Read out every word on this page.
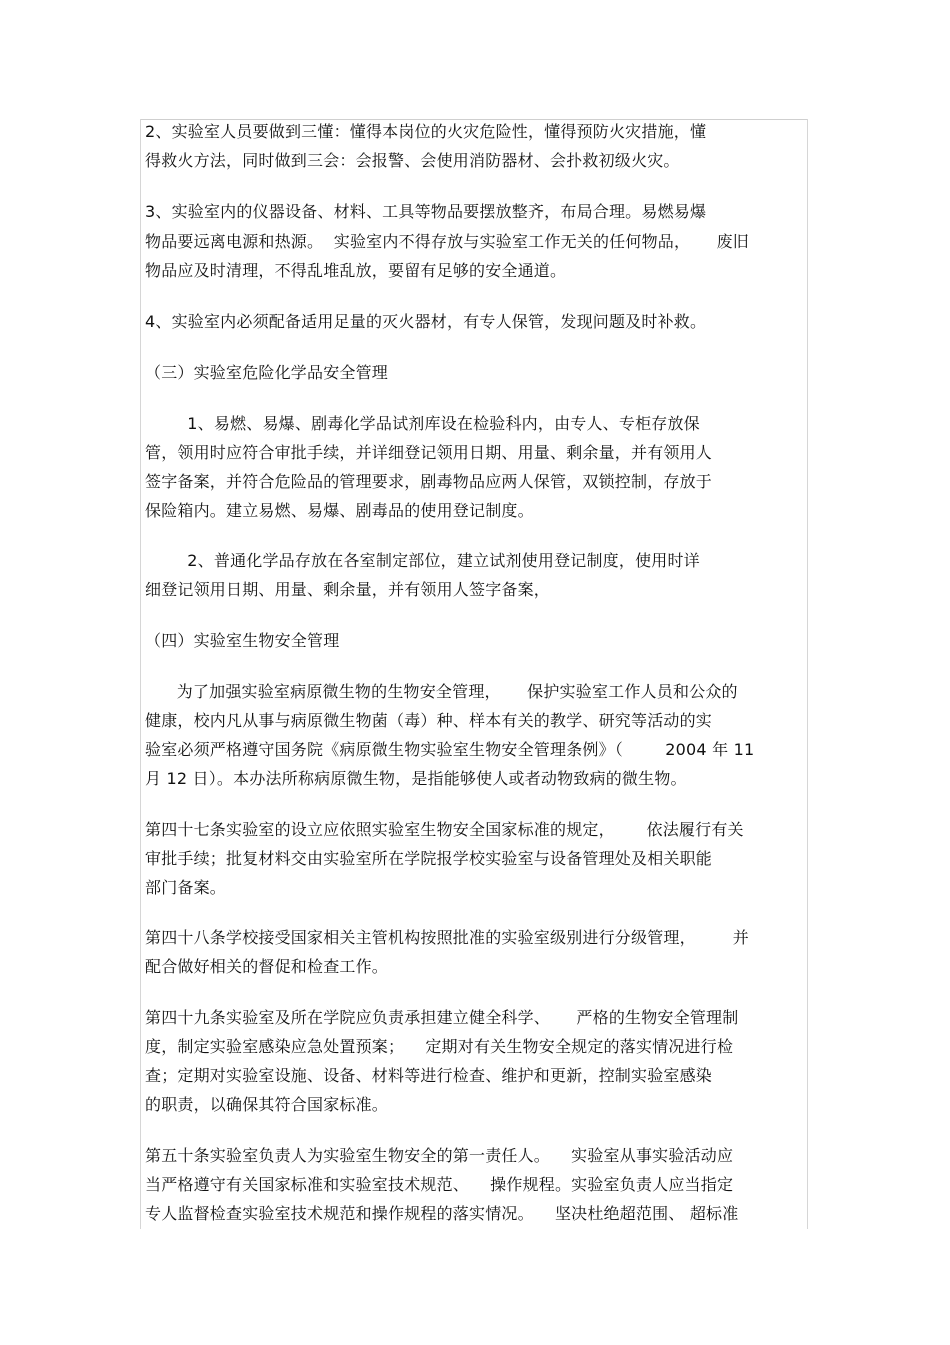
2、实验室人员要做到三懂：懂得本岗位的火灾危险性，懂得预防火灾措施，懂
得救火方法，同时做到三会：会报警、会使用消防器材、会扑救初级火灾。
3、实验室内的仪器设备、材料、工具等物品要摆放整齐，布局合理。易燃易爆
物品要远离电源和热源。  实验室内不得存放与实验室工作无关的任何物品，     废旧
物品应及时清理，不得乱堆乱放，要留有足够的安全通道。
4、实验室内必须配备适用足量的灭火器材，有专人保管，发现问题及时补救。
（三）实验室危险化学品安全管理
1、易燃、易爆、剧毒化学品试剂库设在检验科内，由专人、专柜存放保
管，领用时应符合审批手续，并详细登记领用日期、用量、剩余量，并有领用人
签字备案，并符合危险品的管理要求，剧毒物品应两人保管，双锁控制，存放于
保险箱内。建立易燃、易爆、剧毒品的使用登记制度。
2、普通化学品存放在各室制定部位，建立试剂使用登记制度，使用时详
细登记领用日期、用量、剩余量，并有领用人签字备案，
（四）实验室生物安全管理
为了加强实验室病原微生物的生物安全管理，     保护实验室工作人员和公众的
健康，校内凡从事与病原微生物菌（毒）种、样本有关的教学、研究等活动的实
验室必须严格遵守国务院《病原微生物实验室生物安全管理条例》（        2004 年 11
月 12 日）。本办法所称病原微生物，是指能够使人或者动物致病的微生物。
第四十七条实验室的设立应依照实验室生物安全国家标准的规定，      依法履行有关
审批手续；批复材料交由实验室所在学院报学校实验室与设备管理处及相关职能
部门备案。
第四十八条学校接受国家相关主管机构按照批准的实验室级别进行分级管理，       并
配合做好相关的督促和检查工作。
第四十九条实验室及所在学院应负责承担建立健全科学、     严格的生物安全管理制
度，制定实验室感染应急处置预案；    定期对有关生物安全规定的落实情况进行检
查；定期对实验室设施、设备、材料等进行检查、维护和更新，控制实验室感染
的职责，以确保其符合国家标准。
第五十条实验室负责人为实验室生物安全的第一责任人。    实验室从事实验活动应
当严格遵守有关国家标准和实验室技术规范、    操作规程。实验室负责人应当指定
专人监督检查实验室技术规范和操作规程的落实情况。    坚决杜绝超范围、 超标准
